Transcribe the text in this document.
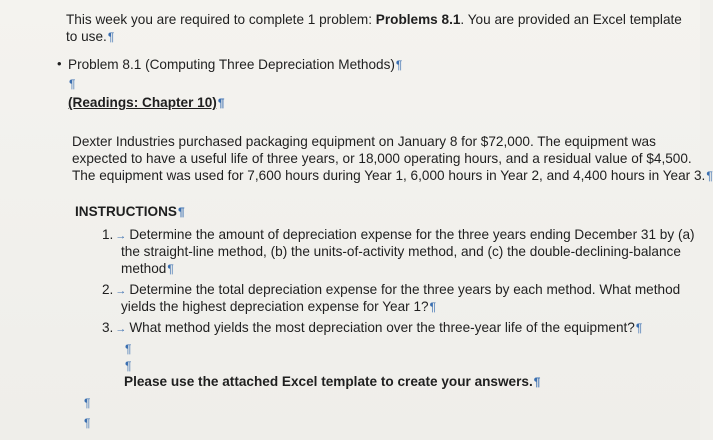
This week you are required to complete 1 problem: Problems 8.1. You are provided an Excel template
to use.¶
• Problem 8.1 (Computing Three Depreciation Methods)¶
¶
(Readings: Chapter 10)¶
Dexter Industries purchased packaging equipment on January 8 for $72,000. The equipment was
expected to have a useful life of three years, or 18,000 operating hours, and a residual value of $4,500.
The equipment was used for 7,600 hours during Year 1, 6,000 hours in Year 2, and 4,400 hours in Year 3.¶
INSTRUCTIONS¶
1. → Determine the amount of depreciation expense for the three years ending December 31 by (a)
the straight-line method, (b) the units-of-activity method, and (c) the double-declining-balance
method¶
2. → Determine the total depreciation expense for the three years by each method. What method
yields the highest depreciation expense for Year 1?¶
3. → What method yields the most depreciation over the three-year life of the equipment?¶
¶
¶
Please use the attached Excel template to create your answers.¶
¶
¶
